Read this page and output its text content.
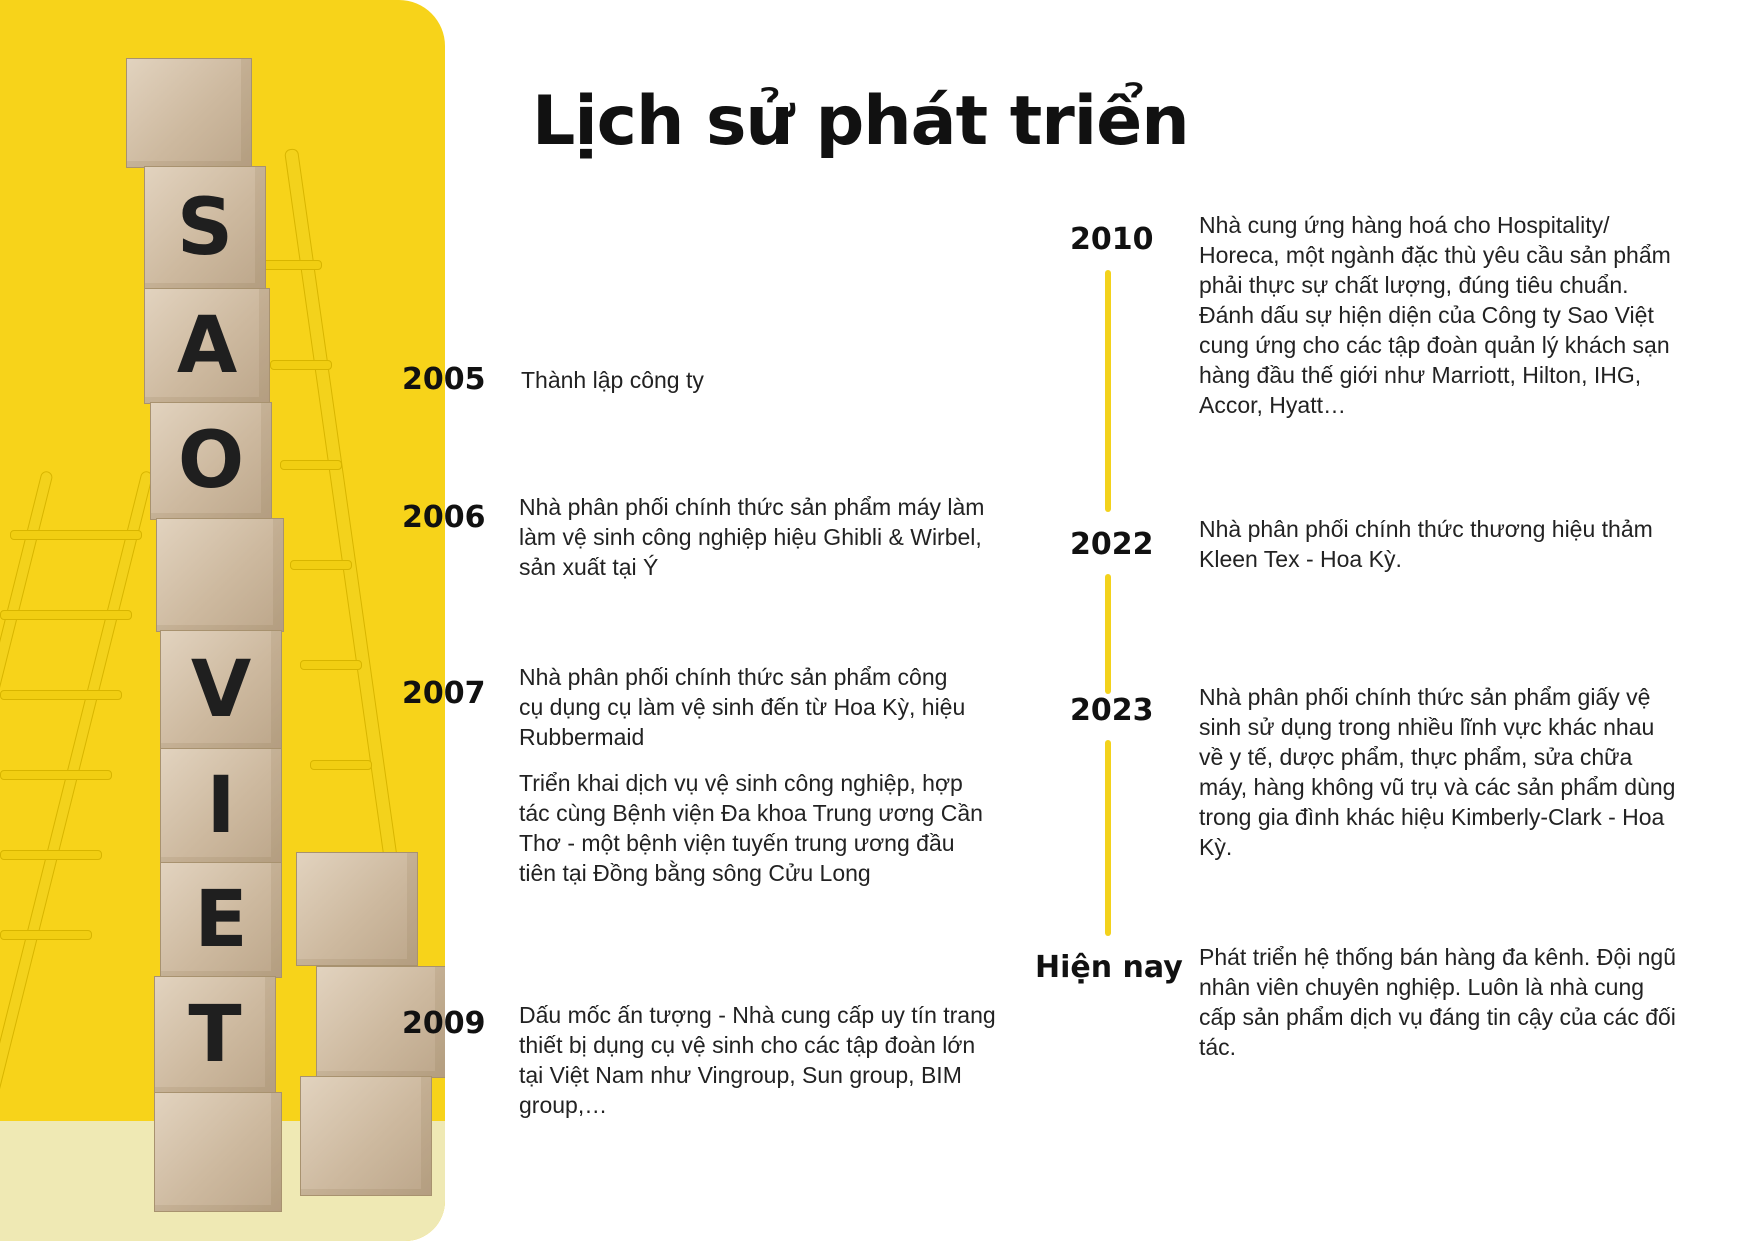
S
A
O
V
I
E
T
Lịch sử phát triển
2005 Thành lập công ty
2006 Nhà phân phối chính thức sản phẩm máy làm làm vệ sinh công nghiệp hiệu Ghibli & Wirbel, sản xuất tại Ý
2007 Nhà phân phối chính thức sản phẩm công cụ dụng cụ làm vệ sinh đến từ Hoa Kỳ, hiệu Rubbermaid
Triển khai dịch vụ vệ sinh công nghiệp, hợp tác cùng Bệnh viện Đa khoa Trung ương Cần Thơ - một bệnh viện tuyến trung ương đầu tiên tại Đồng bằng sông Cửu Long
2009 Dấu mốc ấn tượng - Nhà cung cấp uy tín trang thiết bị dụng cụ vệ sinh cho các tập đoàn lớn tại Việt Nam như Vingroup, Sun group, BIM group,…
2010 Nhà cung ứng hàng hoá cho Hospitality/ Horeca, một ngành đặc thù yêu cầu sản phẩm phải thực sự chất lượng, đúng tiêu chuẩn. Đánh dấu sự hiện diện của Công ty Sao Việt cung ứng cho các tập đoàn quản lý khách sạn hàng đầu thế giới như Marriott, Hilton, IHG, Accor, Hyatt…
2022 Nhà phân phối chính thức thương hiệu thảm Kleen Tex - Hoa Kỳ.
2023 Nhà phân phối chính thức sản phẩm giấy vệ sinh sử dụng trong nhiều lĩnh vực khác nhau về y tế, dược phẩm, thực phẩm, sửa chữa máy, hàng không vũ trụ và các sản phẩm dùng trong gia đình khác hiệu Kimberly-Clark - Hoa Kỳ.
Hiện nay Phát triển hệ thống bán hàng đa kênh. Đội ngũ nhân viên chuyên nghiệp. Luôn là nhà cung cấp sản phẩm dịch vụ đáng tin cậy của các đối tác.
